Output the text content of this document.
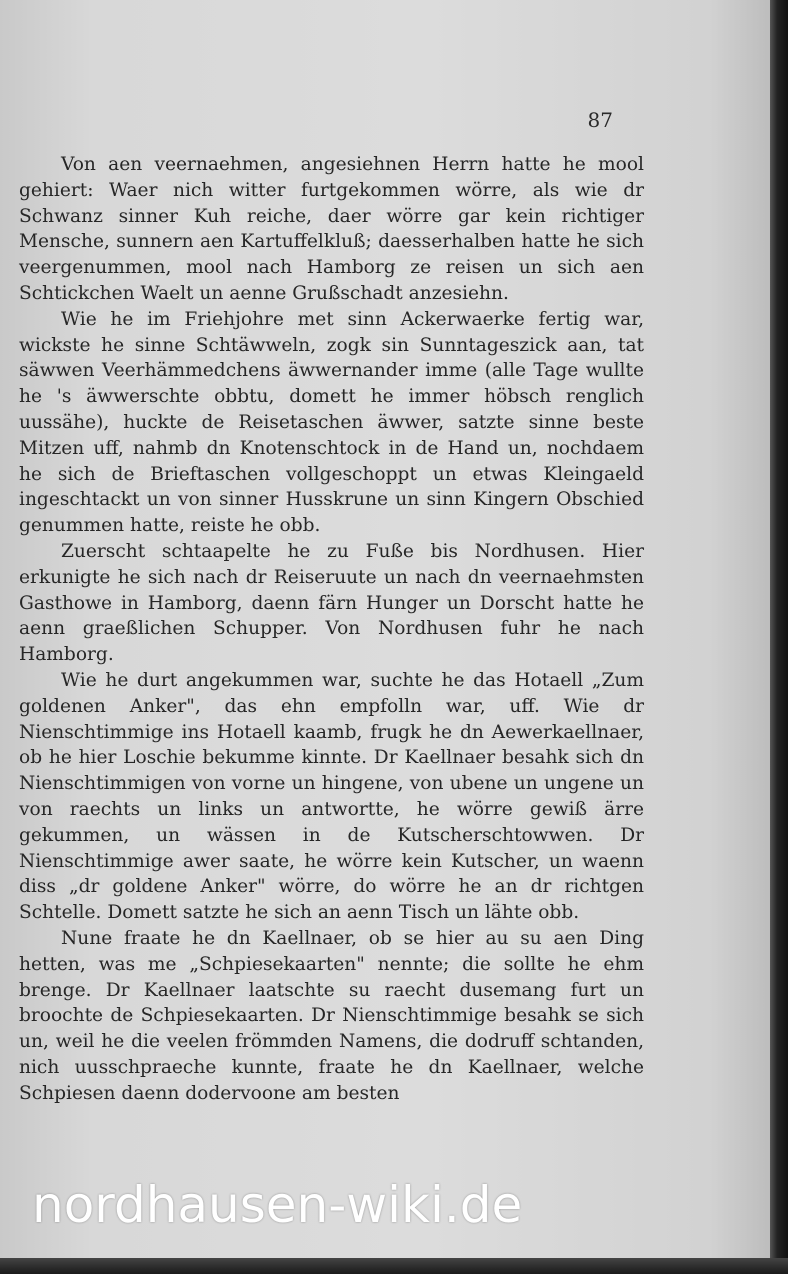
87

Von aen veernaehmen, angesiehnen Herrn hatte he mool gehiert: Waer nich witter furtgekommen wörre, als wie dr Schwanz sinner Kuh reiche, daer wörre gar kein richtiger Mensche, sunnern aen Kartuffelkluß; daesserhalben hatte he sich veergenummen, mool nach Hamborg ze reisen un sich aen Schtickchen Waelt un aenne Grußschadt anzesiehn.

Wie he im Friehjohre met sinn Ackerwaerke fertig war, wickste he sinne Schtäwweln, zogk sin Sunntageszick aan, tat säwwen Veerhämmedchens äwwernander imme (alle Tage wullte he 's äwwerschte obbtu, domett he immer höbsch renglich uussähe), huckte de Reisetaschen äwwer, satzte sinne beste Mitzen uff, nahmb dn Knotenschtock in de Hand un, nochdaem he sich de Brieftaschen vollgeschoppt un etwas Kleingaeld ingeschtackt un von sinner Husskrune un sinn Kingern Obschied genummen hatte, reiste he obb.

Zuerscht schtaapelte he zu Fuße bis Nordhusen. Hier erkunigte he sich nach dr Reiseruute un nach dn veernaehmsten Gasthowe in Hamborg, daenn färn Hunger un Dorscht hatte he aenn graeßlichen Schupper. Von Nordhusen fuhr he nach Hamborg.

Wie he durt angekummen war, suchte he das Hotaell „Zum goldenen Anker", das ehn empfolln war, uff. Wie dr Nienschtimmige ins Hotaell kaamb, frugk he dn Aewerkaellnaer, ob he hier Loschie bekumme kinnte. Dr Kaellnaer besahk sich dn Nienschtimmigen von vorne un hingene, von ubene un ungene un von raechts un links un antwortte, he wörre gewiß ärre gekummen, un wässen in de Kutscherschtowwen. Dr Nienschtimmige awer saate, he wörre kein Kutscher, un waenn diss „dr goldene Anker" wörre, do wörre he an dr richtgen Schtelle. Domett satzte he sich an aenn Tisch un lähte obb.

Nune fraate he dn Kaellnaer, ob se hier au su aen Ding hetten, was me „Schpiesekaarten" nennte; die sollte he ehm brenge. Dr Kaellnaer laatschte su raecht dusemang furt un broochte de Schpiesekaarten. Dr Nienschtimmige besahk se sich un, weil he die veelen frömmden Namens, die dodruff schtanden, nich uusschpraeche kunnte, fraate he dn Kaellnaer, welche Schpiesen daenn dodervoone am besten

nordhausen-wiki.de
